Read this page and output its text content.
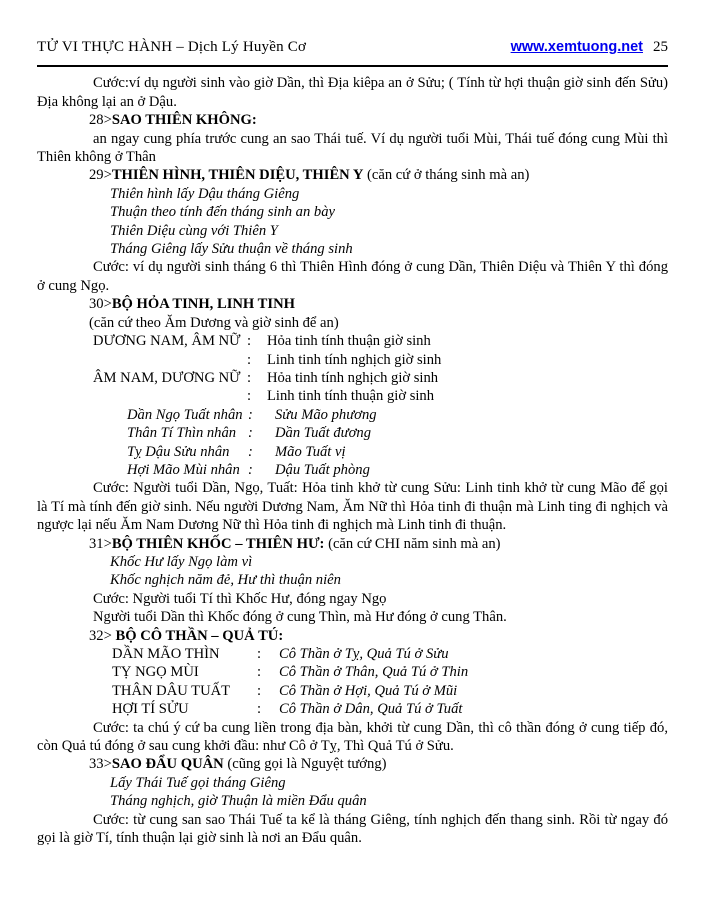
TỬ VI THỰC HÀNH – Dịch Lý Huyền Cơ	www.xemtuong.net 25

Cước:ví dụ người sinh vào giờ Dần, thì Địa kiêpa an ở Sửu; ( Tính từ hợi thuận giờ sinh đến Sửu) Địa không lại an ở Dậu.

28>SAO THIÊN KHÔNG:

an ngay cung phía trước cung an sao Thái tuế. Ví dụ người tuổi Mùi, Thái tuế đóng cung Mùi thì Thiên không ở Thân

29>THIÊN HÌNH, THIÊN DIỆU, THIÊN Y (căn cứ ở tháng sinh mà an)
Thiên hình lấy Dậu tháng Giêng
Thuận theo tính đến tháng sinh an bày
Thiên Diệu cùng với Thiên Y
Tháng Giêng lấy Sửu thuận về tháng sinh

Cước: ví dụ người sinh tháng 6 thì Thiên Hình đóng ở cung Dần, Thiên Diệu và Thiên Y thì đóng ở cung Ngọ.

30>BỘ HỎA TINH, LINH TINH
(căn cứ theo Ăm Dương và giờ sinh để an)
DƯƠNG NAM, ÂM NỮ :	Hỏa tinh tính thuận giờ sinh
:	Linh tinh tính nghịch giờ sinh
ÂM NAM, DƯƠNG NỮ :	Hỏa tinh tính nghịch giờ sinh
:	Linh tinh tính thuận giờ sinh
Dần Ngọ Tuất nhân :	Sửu Mão phương
Thân Tí Thìn nhân :	Dần Tuất đương
Tỵ Dậu Sửu nhân	:	Mão Tuất vị
Hợi Mão Mùi nhân :	Dậu Tuất phòng

Cước: Người tuổi Dần, Ngọ, Tuất: Hỏa tinh khở từ cung Sửu: Linh tinh khở từ cung Mão để gọi là Tí mà tính đến giờ sinh. Nếu người Dương Nam, Ăm Nữ thì Hỏa tinh đi thuận mà Linh ting đi nghịch và ngược lại nếu Ăm Nam Dương Nữ thì Hỏa tinh đi nghịch mà Linh tinh đi thuận.

31>BỘ THIÊN KHỐC – THIÊN HƯ: (căn cứ CHI năm sinh mà an)
Khốc Hư lấy Ngọ làm vì
Khốc nghịch năm đẻ, Hư thì thuận niên

Cước: Người tuổi Tí thì Khốc Hư, đóng ngay Ngọ

Người tuổi Dần thì Khốc đóng ở cung Thìn, mà Hư đóng ở cung Thân.

32> BỘ CÔ THẦN – QUẢ TÚ:
DẦN MÃO THÌN	:	Cô Thần ở Tỵ, Quả Tú ở Sửu
TỴ NGỌ MÙI	:	Cô Thần ở Thân, Quả Tú ở Thin
THÂN DÂU TUẤT	:	Cô Thần ở Hợi, Quả Tú ở Mũi
HỢI TÍ SỬU	:	Cô Thần ở Dân, Quả Tú ở Tuất

Cước: ta chú ý cứ ba cung liền trong địa bàn, khởi từ cung Dần, thì cô thần đóng ở cung tiếp đó, còn Quả tú đóng ở sau cung khởi đầu: như Cô ở Tỵ, Thì Quả Tú ở Sửu.

33>SAO ĐẨU QUÂN (cũng gọi là Nguyệt tướng)
Lấy Thái Tuế gọi tháng Giêng
Tháng nghịch, giờ Thuận là miền Đẩu quân

Cước: từ cung san sao Thái Tuế ta kể là tháng Giêng, tính nghịch đến thang sinh. Rồi từ ngay đó gọi là giờ Tí, tính thuận lại giờ sinh là nơi an Đẩu quân.
